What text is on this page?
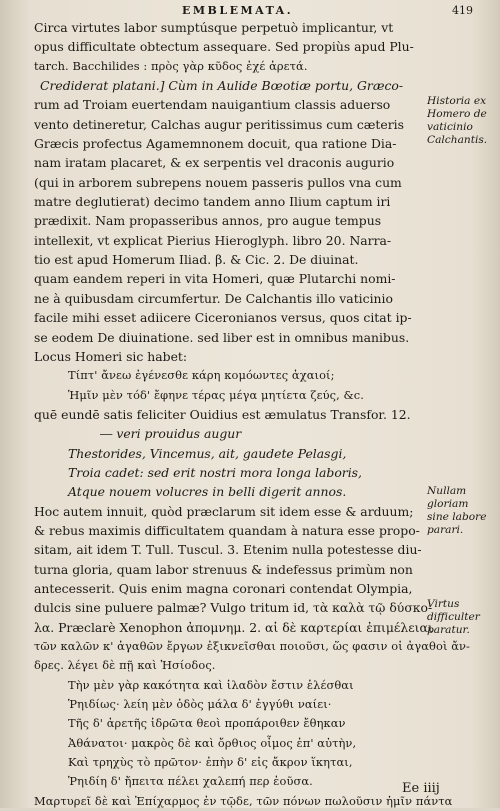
EMBLEMATA.	419
Circa virtutes labor sumptúsque perpetuò implicantur, vt
opus difficultate obtectum assequare. Sed propiùs apud Plu-
tarch. Bacchilides : πρὸς γὰρ κῦδος ἐχέ ἀρετά.
Crediderat platani.] Cùm in Aulide Bœotiæ portu, Græco-
rum ad Troiam euertendam nauigantium classis aduerso
vento detineretur, Calchas augur peritissimus cum cæteris
Græcis profectus Agamemnonem docuit, qua ratione Dia-
nam iratam placaret, & ex serpentis vel draconis augurio
(qui in arborem subrepens nouem passeris pullos vna cum
matre deglutierat) decimo tandem anno Ilium captum iri
prædixit. Nam propasseribus annos, pro augue tempus
intellexit, vt explicat Pierius Hieroglyph. libro 20. Narra-
tio est apud Homerum Iliad. β. & Cic. 2. De diuinat.
quam eandem reperi in vita Homeri, quæ Plutarchi nomi-
ne à quibusdam circumfertur. De Calchantis illo vaticinio
facile mihi esset adiicere Ciceronianos versus, quos citat ip-
se eodem De diuinatione. sed liber est in omnibus manibus.
Locus Homeri sic habet:
Τίπτ' ἄνεω ἐγένεσθε κάρη κομόωντες ἀχαιοί;
Ἡμῖν μὲν τόδ' ἔφηνε τέρας μέγα μητίετα ζεύς, &c.
quē eundē satis feliciter Ouidius est æmulatus Transfor. 12.
― veri prouidus augur
Thestorides, Vincemus, ait, gaudete Pelasgi,
Troia cadet: sed erit nostri mora longa laboris,
Atque nouem volucres in belli digerit annos.
Hoc autem innuit, quòd præclarum sit idem esse & arduum;
& rebus maximis difficultatem quandam à natura esse propo-
sitam, ait idem T. Tull. Tuscul. 3. Etenim nulla potestesse diu-
turna gloria, quam labor strenuus & indefessus primùm non
antecesserit. Quis enim magna coronari contendat Olympia,
dulcis sine puluere palmæ? Vulgo tritum id, τὰ καλὰ τῷ δύσκο-
λα. Præclarè Xenophon ἀπομνημ. 2. αἱ δὲ καρτερίαι ἐπιμέλειαι
τῶν καλῶν κ' ἀγαθῶν ἔργων ἐξικνεῖσθαι ποιοῦσι, ὥς φασιν οἱ ἀγαθοὶ ἄν-
δρες. λέγει δὲ πῇ καὶ Ἡσίοδος.
Τὴν μὲν γὰρ κακότητα καὶ ἰλαδὸν ἔστιν ἑλέσθαι
Ῥηιδίως· λείη μὲν ὁδὸς μάλα δ' ἐγγύθι ναίει·
Τῆς δ' ἀρετῆς ἱδρῶτα θεοὶ προπάροιθεν ἔθηκαν
Ἀθάνατοι· μακρὸς δὲ καὶ ὄρθιος οἶμος ἐπ' αὐτὴν,
Καὶ τρηχὺς τὸ πρῶτον· ἐπὴν δ' εἰς ἄκρον ἵκηται,
Ῥηιδίη δ' ἤπειτα πέλει χαλεπή περ ἐοῦσα.
Μαρτυρεῖ δὲ καὶ Ἐπίχαρμος ἐν τῷδε, τῶν πόνων πωλοῦσιν ἡμῖν πάντα
Historia ex Homero de vaticinio Calchantis.
Nullam gloriam sine labore parari.
Virtus difficulter paratur.
Ee iiij
